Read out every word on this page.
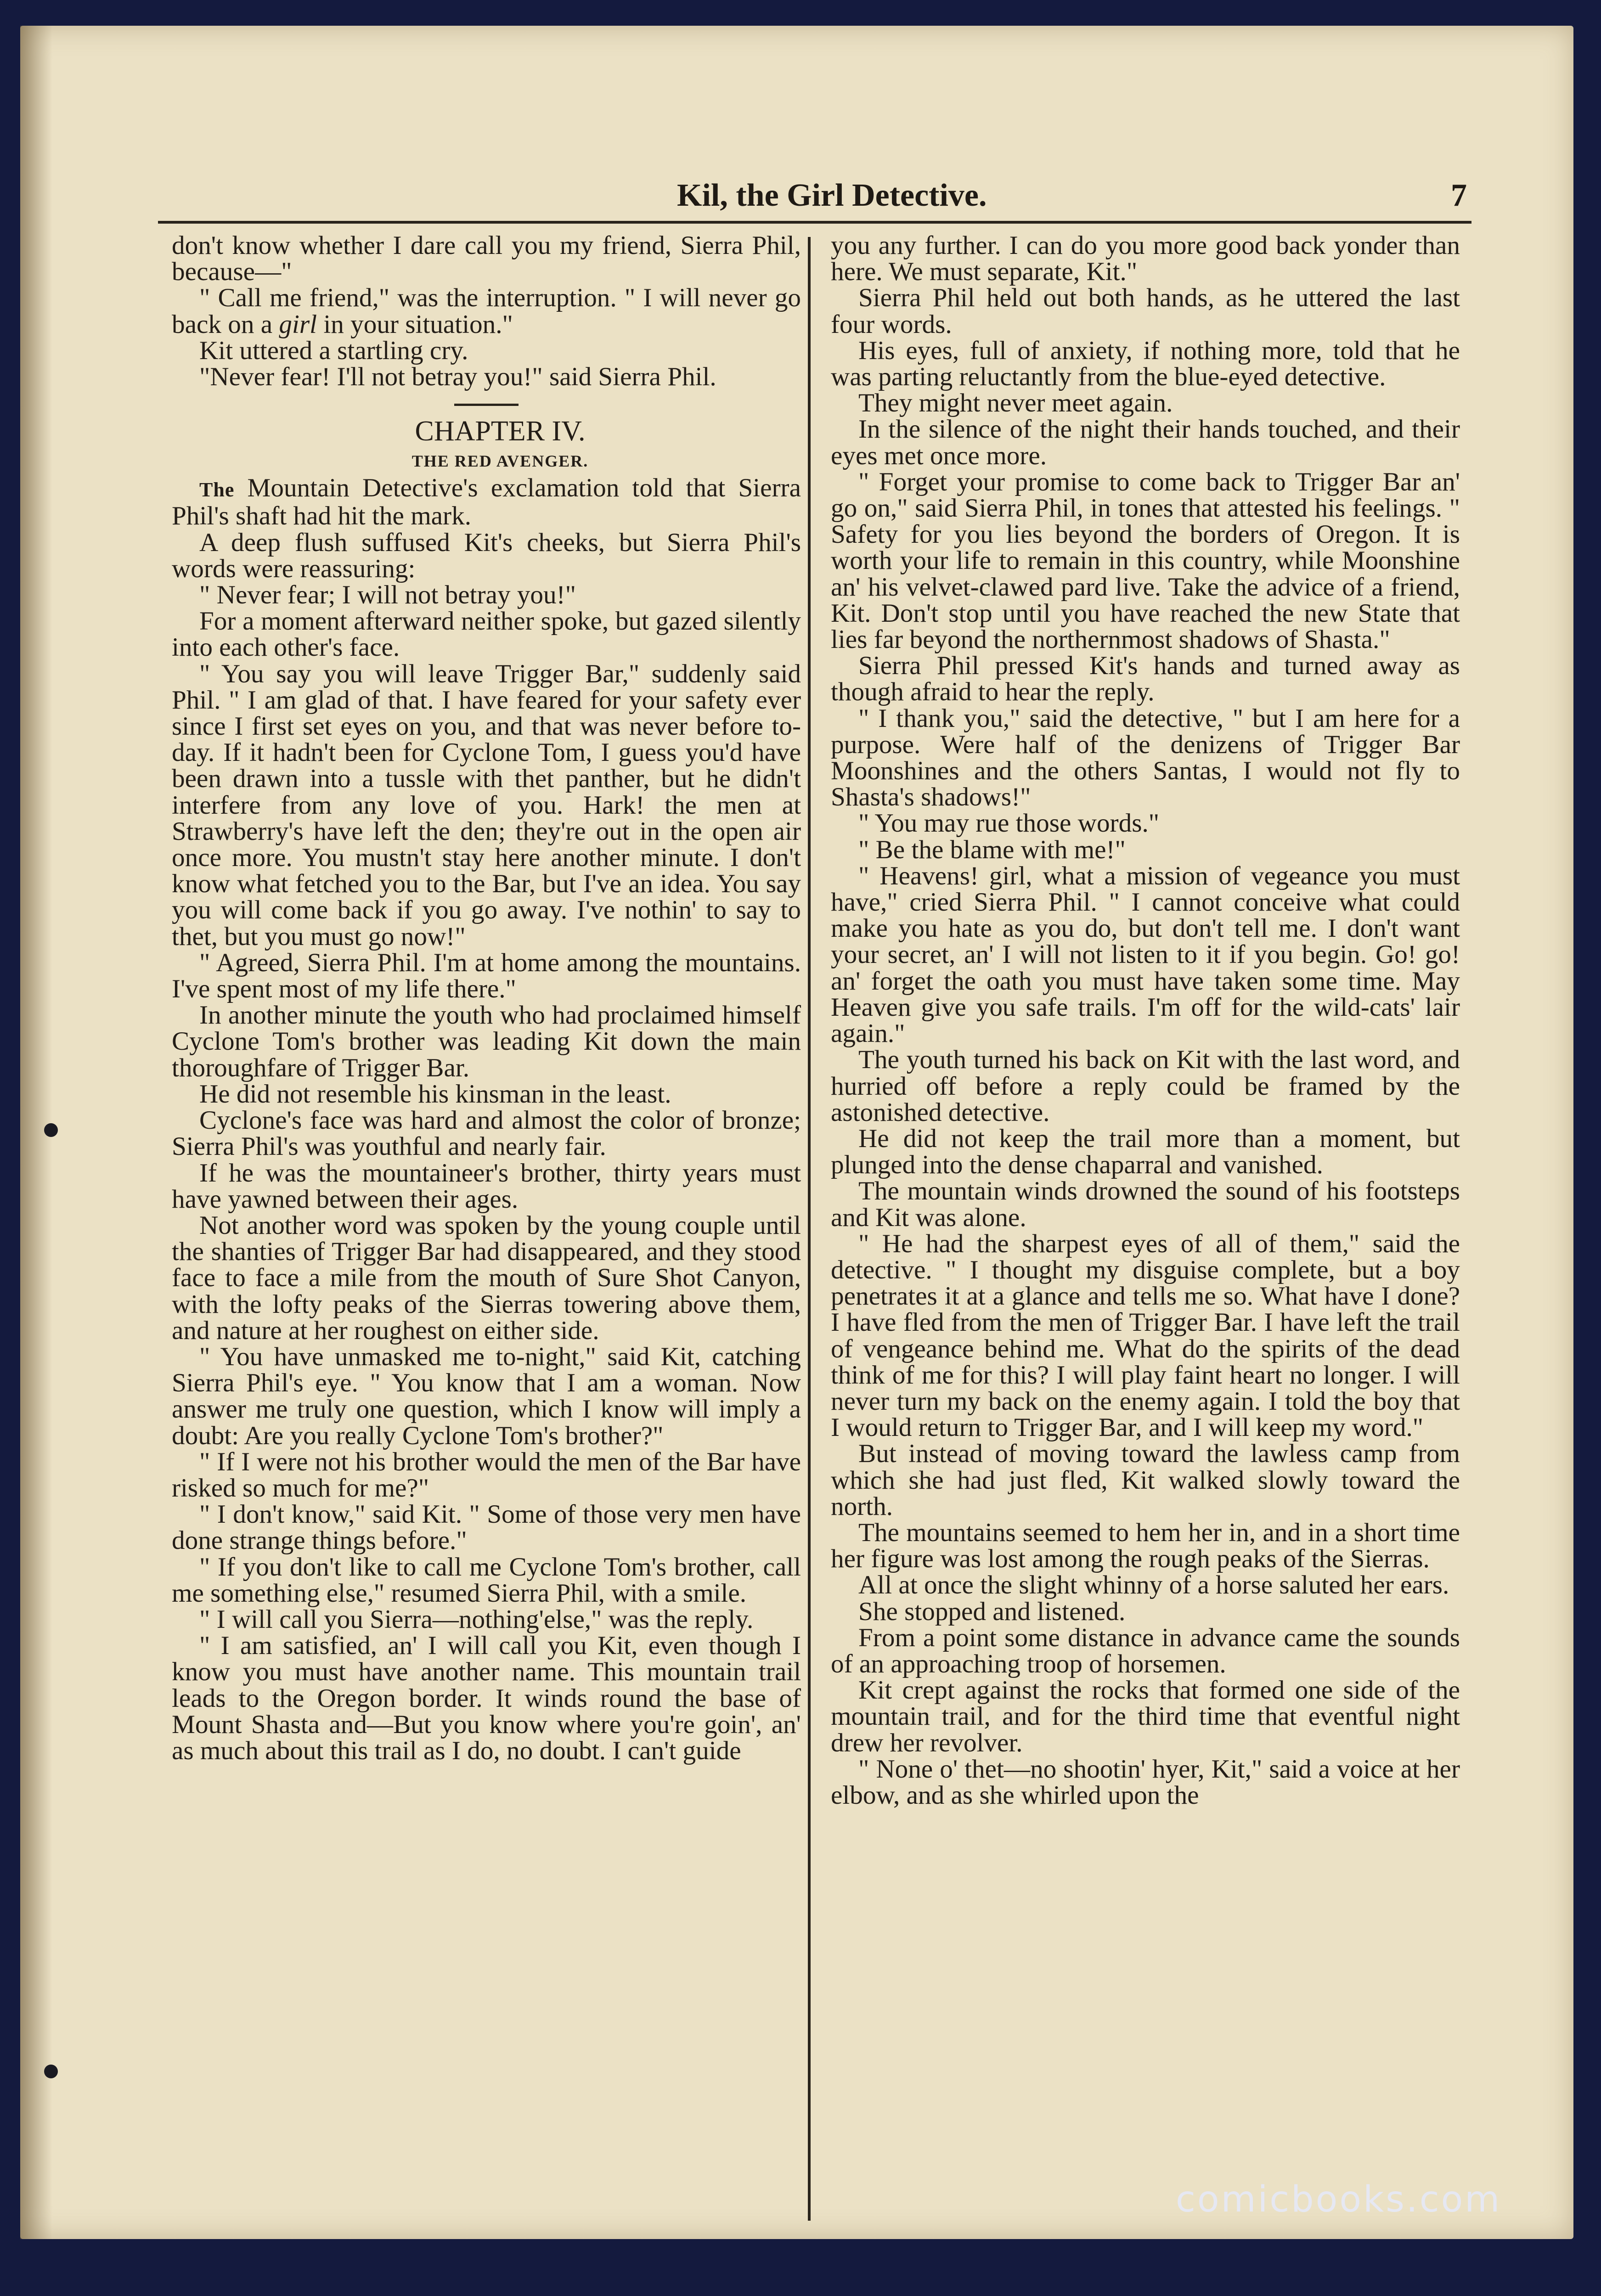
Kil, the Girl Detective.	7

don't know whether I dare call you my friend, Sierra Phil, because—"

" Call me friend," was the interruption. " I will never go back on a girl in your situation."

Kit uttered a startling cry.

"Never fear! I'll not betray you!" said Sierra Phil.

CHAPTER IV.

THE RED AVENGER.

The Mountain Detective's exclamation told that Sierra Phil's shaft had hit the mark.

A deep flush suffused Kit's cheeks, but Sierra Phil's words were reassuring:

" Never fear; I will not betray you!"

For a moment afterward neither spoke, but gazed silently into each other's face.

" You say you will leave Trigger Bar," suddenly said Phil. " I am glad of that. I have feared for your safety ever since I first set eyes on you, and that was never before to-day. If it hadn't been for Cyclone Tom, I guess you'd have been drawn into a tussle with thet panther, but he didn't interfere from any love of you. Hark! the men at Strawberry's have left the den; they're out in the open air once more. You mustn't stay here another minute. I don't know what fetched you to the Bar, but I've an idea. You say you will come back if you go away. I've nothin' to say to thet, but you must go now!"

" Agreed, Sierra Phil. I'm at home among the mountains. I've spent most of my life there."

In another minute the youth who had proclaimed himself Cyclone Tom's brother was leading Kit down the main thoroughfare of Trigger Bar.

He did not resemble his kinsman in the least.

Cyclone's face was hard and almost the color of bronze; Sierra Phil's was youthful and nearly fair.

If he was the mountaineer's brother, thirty years must have yawned between their ages.

Not another word was spoken by the young couple until the shanties of Trigger Bar had disappeared, and they stood face to face a mile from the mouth of Sure Shot Canyon, with the lofty peaks of the Sierras towering above them, and nature at her roughest on either side.

" You have unmasked me to-night," said Kit, catching Sierra Phil's eye. " You know that I am a woman. Now answer me truly one question, which I know will imply a doubt: Are you really Cyclone Tom's brother?"

" If I were not his brother would the men of the Bar have risked so much for me?"

" I don't know," said Kit. " Some of those very men have done strange things before."

" If you don't like to call me Cyclone Tom's brother, call me something else," resumed Sierra Phil, with a smile.

" I will call you Sierra—nothing'else," was the reply.

" I am satisfied, an' I will call you Kit, even though I know you must have another name. This mountain trail leads to the Oregon border. It winds round the base of Mount Shasta and—But you know where you're goin', an' as much about this trail as I do, no doubt. I can't guide

you any further. I can do you more good back yonder than here. We must separate, Kit."

Sierra Phil held out both hands, as he uttered the last four words.

His eyes, full of anxiety, if nothing more, told that he was parting reluctantly from the blue-eyed detective.

They might never meet again.

In the silence of the night their hands touched, and their eyes met once more.

" Forget your promise to come back to Trigger Bar an' go on," said Sierra Phil, in tones that attested his feelings. " Safety for you lies beyond the borders of Oregon. It is worth your life to remain in this country, while Moonshine an' his velvet-clawed pard live. Take the advice of a friend, Kit. Don't stop until you have reached the new State that lies far beyond the northernmost shadows of Shasta."

Sierra Phil pressed Kit's hands and turned away as though afraid to hear the reply.

" I thank you," said the detective, " but I am here for a purpose. Were half of the denizens of Trigger Bar Moonshines and the others Santas, I would not fly to Shasta's shadows!"

" You may rue those words."

" Be the blame with me!"

" Heavens! girl, what a mission of vegeance you must have," cried Sierra Phil. " I cannot conceive what could make you hate as you do, but don't tell me. I don't want your secret, an' I will not listen to it if you begin. Go! go! an' forget the oath you must have taken some time. May Heaven give you safe trails. I'm off for the wild-cats' lair again."

The youth turned his back on Kit with the last word, and hurried off before a reply could be framed by the astonished detective.

He did not keep the trail more than a moment, but plunged into the dense chaparral and vanished.

The mountain winds drowned the sound of his footsteps and Kit was alone.

" He had the sharpest eyes of all of them," said the detective. " I thought my disguise complete, but a boy penetrates it at a glance and tells me so. What have I done? I have fled from the men of Trigger Bar. I have left the trail of vengeance behind me. What do the spirits of the dead think of me for this? I will play faint heart no longer. I will never turn my back on the enemy again. I told the boy that I would return to Trigger Bar, and I will keep my word."

But instead of moving toward the lawless camp from which she had just fled, Kit walked slowly toward the north.

The mountains seemed to hem her in, and in a short time her figure was lost among the rough peaks of the Sierras.

All at once the slight whinny of a horse saluted her ears.

She stopped and listened.

From a point some distance in advance came the sounds of an approaching troop of horsemen.

Kit crept against the rocks that formed one side of the mountain trail, and for the third time that eventful night drew her revolver.

" None o' thet—no shootin' hyer, Kit," said a voice at her elbow, and as she whirled upon the

comicbooks.com
